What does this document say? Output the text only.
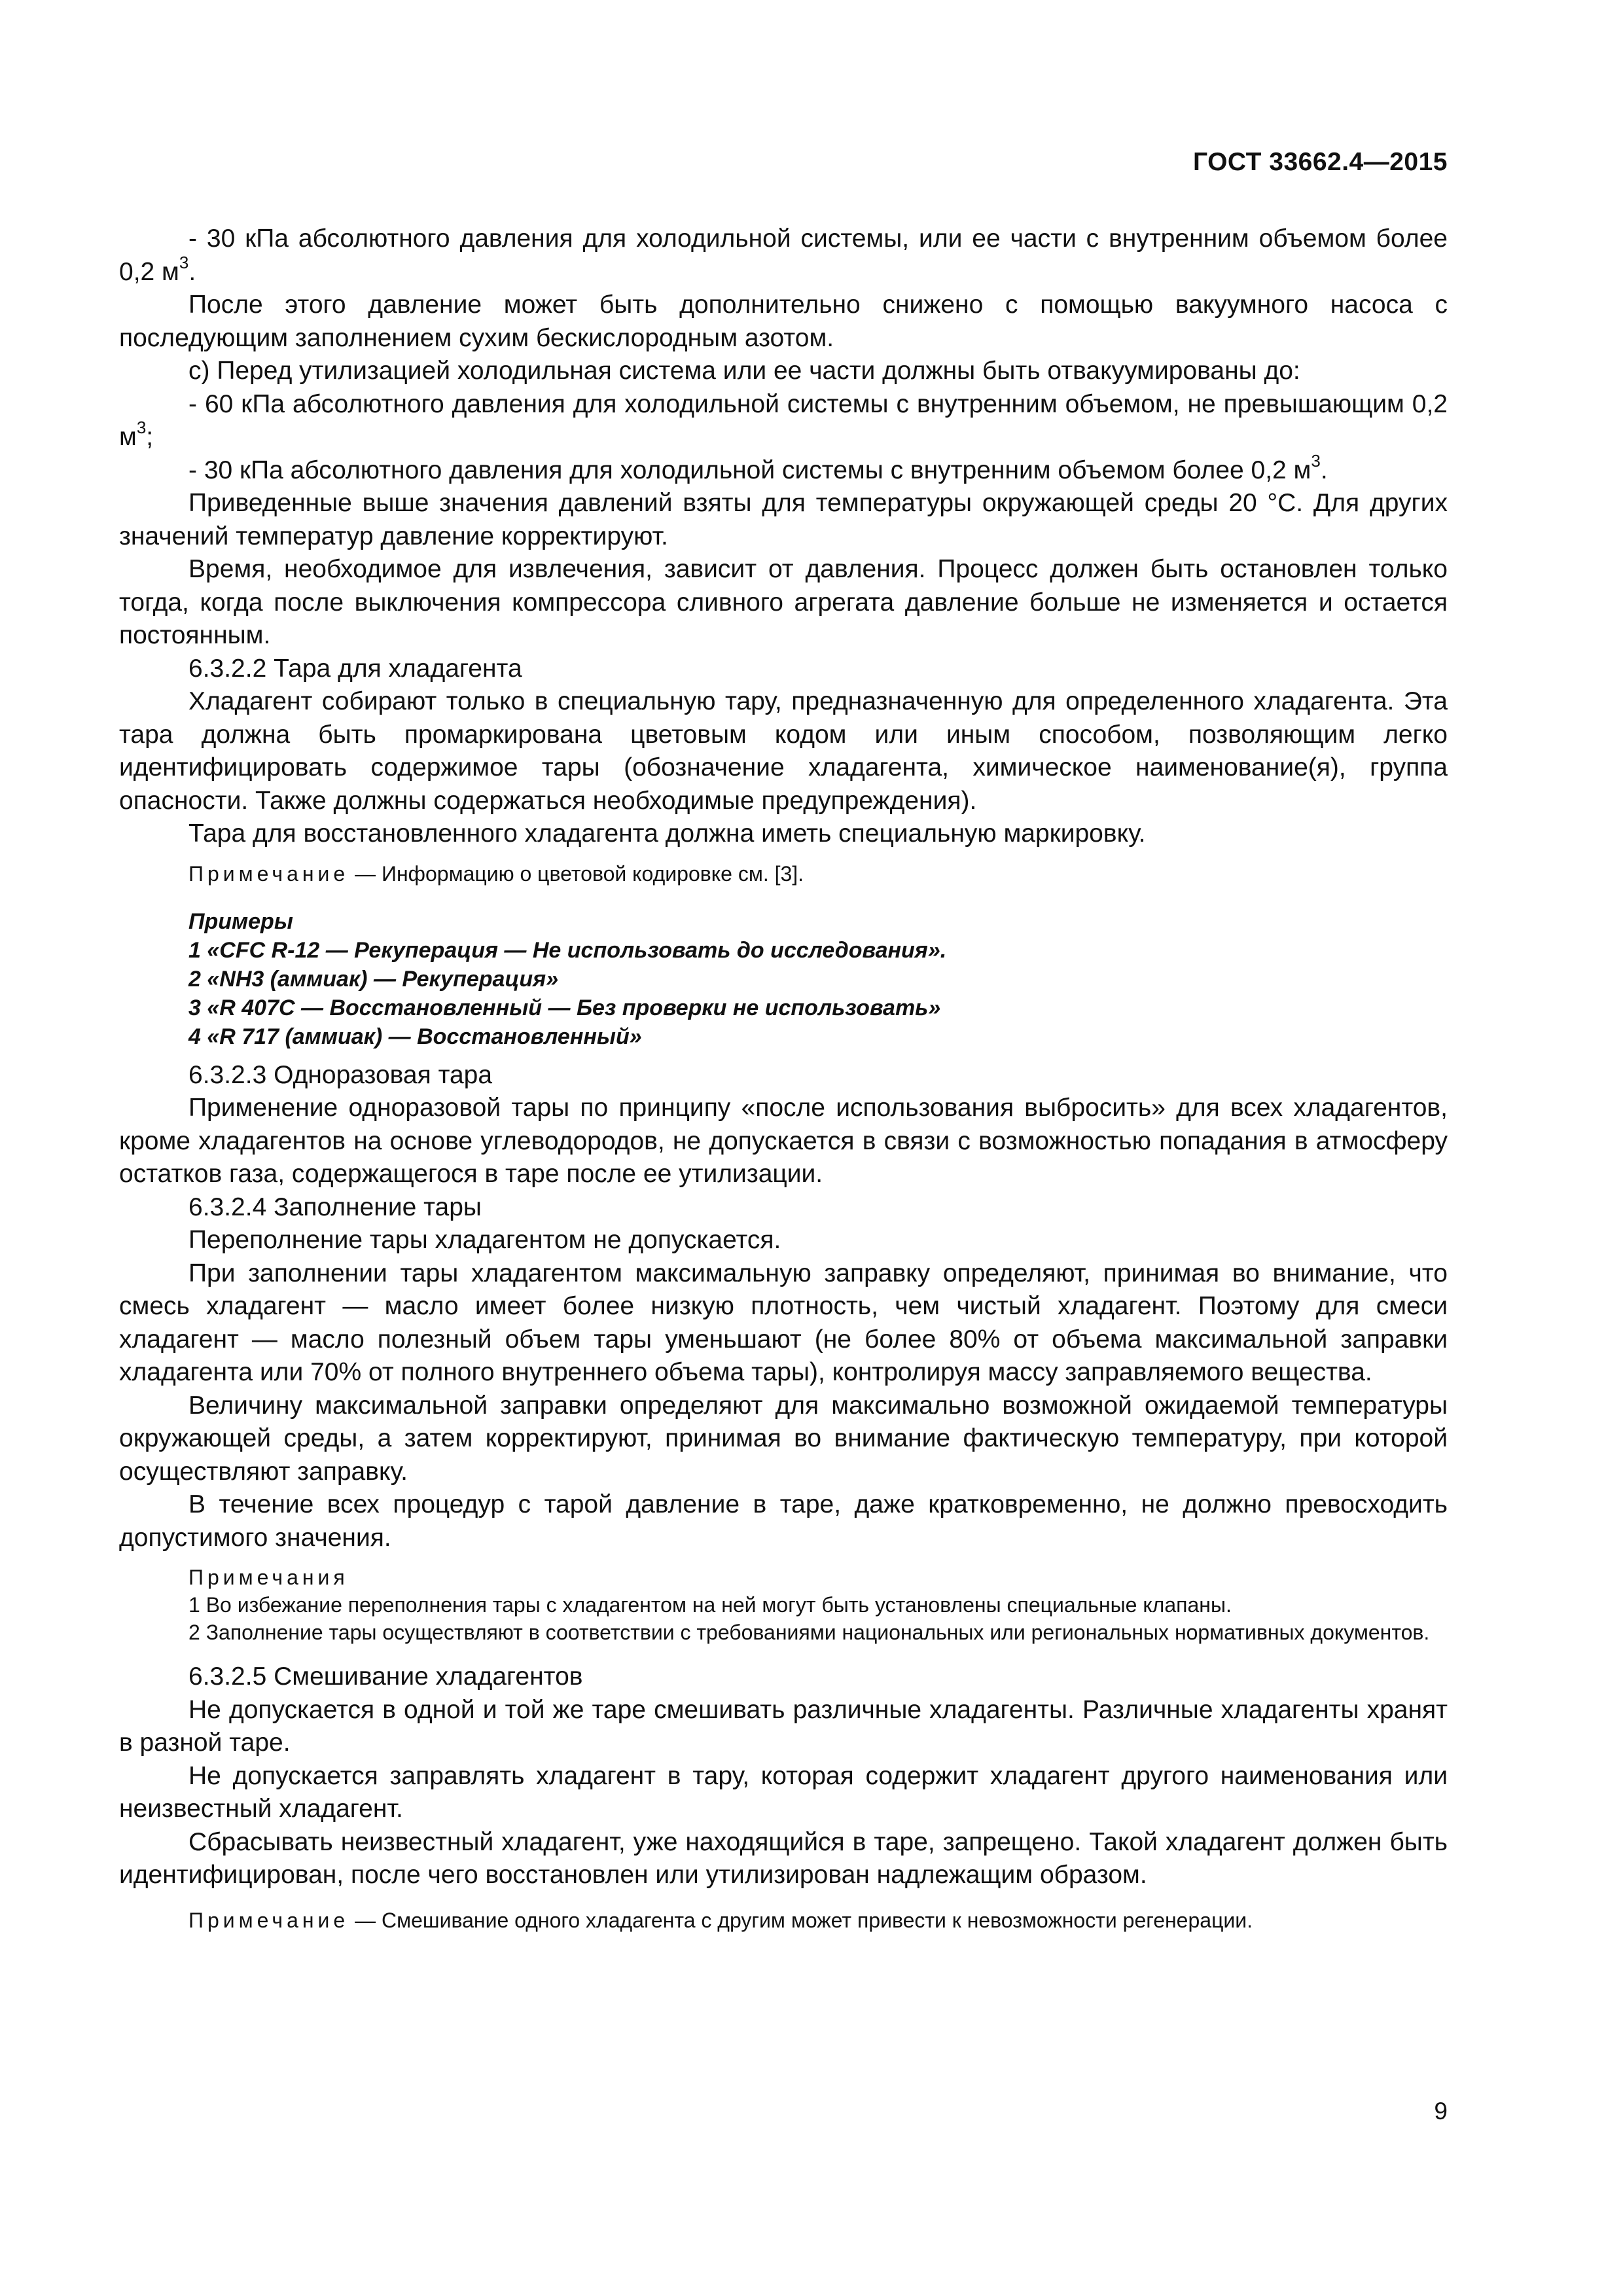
ГОСТ 33662.4—2015

- 30 кПа абсолютного давления для холодильной системы, или ее части с внутренним объемом более 0,2 $м^3$.

После этого давление может быть дополнительно снижено с помощью вакуумного насоса с последующим заполнением сухим бескислородным азотом.

с) Перед утилизацией холодильная система или ее части должны быть отвакуумированы до:

- 60 кПа абсолютного давления для холодильной системы с внутренним объемом, не превышающим 0,2 $м^3$;

- 30 кПа абсолютного давления для холодильной системы с внутренним объемом более 0,2 $м^3$.

Приведенные выше значения давлений взяты для температуры окружающей среды 20 °С. Для других значений температур давление корректируют.

Время, необходимое для извлечения, зависит от давления. Процесс должен быть остановлен только тогда, когда после выключения компрессора сливного агрегата давление больше не изменяется и остается постоянным.

6.3.2.2 Тара для хладагента

Хладагент собирают только в специальную тару, предназначенную для определенного хладагента. Эта тара должна быть промаркирована цветовым кодом или иным способом, позволяющим легко идентифицировать содержимое тары (обозначение хладагента, химическое наименование(я), группа опасности. Также должны содержаться необходимые предупреждения).

Тара для восстановленного хладагента должна иметь специальную маркировку.

Примечание — Информацию о цветовой кодировке см. [3].

Примеры

1 «CFC R-12 — Рекуперация — Не использовать до исследования».

2 «NH3 (аммиак) — Рекуперация»

3 «R 407C — Восстановленный — Без проверки не использовать»

4 «R 717 (аммиак) — Восстановленный»

6.3.2.3 Одноразовая тара

Применение одноразовой тары по принципу «после использования выбросить» для всех хладагентов, кроме хладагентов на основе углеводородов, не допускается в связи с возможностью попадания в атмосферу остатков газа, содержащегося в таре после ее утилизации.

6.3.2.4 Заполнение тары

Переполнение тары хладагентом не допускается.

При заполнении тары хладагентом максимальную заправку определяют, принимая во внимание, что смесь хладагент — масло имеет более низкую плотность, чем чистый хладагент. Поэтому для смеси хладагент — масло полезный объем тары уменьшают (не более 80% от объема максимальной заправки хладагента или 70% от полного внутреннего объема тары), контролируя массу заправляемого вещества.

Величину максимальной заправки определяют для максимально возможной ожидаемой температуры окружающей среды, а затем корректируют, принимая во внимание фактическую температуру, при которой осуществляют заправку.

В течение всех процедур с тарой давление в таре, даже кратковременно, не должно превосходить допустимого значения.

Примечания

1 Во избежание переполнения тары с хладагентом на ней могут быть установлены специальные клапаны.

2 Заполнение тары осуществляют в соответствии с требованиями национальных или региональных нормативных документов.

6.3.2.5 Смешивание хладагентов

Не допускается в одной и той же таре смешивать различные хладагенты. Различные хладагенты хранят в разной таре.

Не допускается заправлять хладагент в тару, которая содержит хладагент другого наименования или неизвестный хладагент.

Сбрасывать неизвестный хладагент, уже находящийся в таре, запрещено. Такой хладагент должен быть идентифицирован, после чего восстановлен или утилизирован надлежащим образом.

Примечание — Смешивание одного хладагента с другим может привести к невозможности регенерации.

9
